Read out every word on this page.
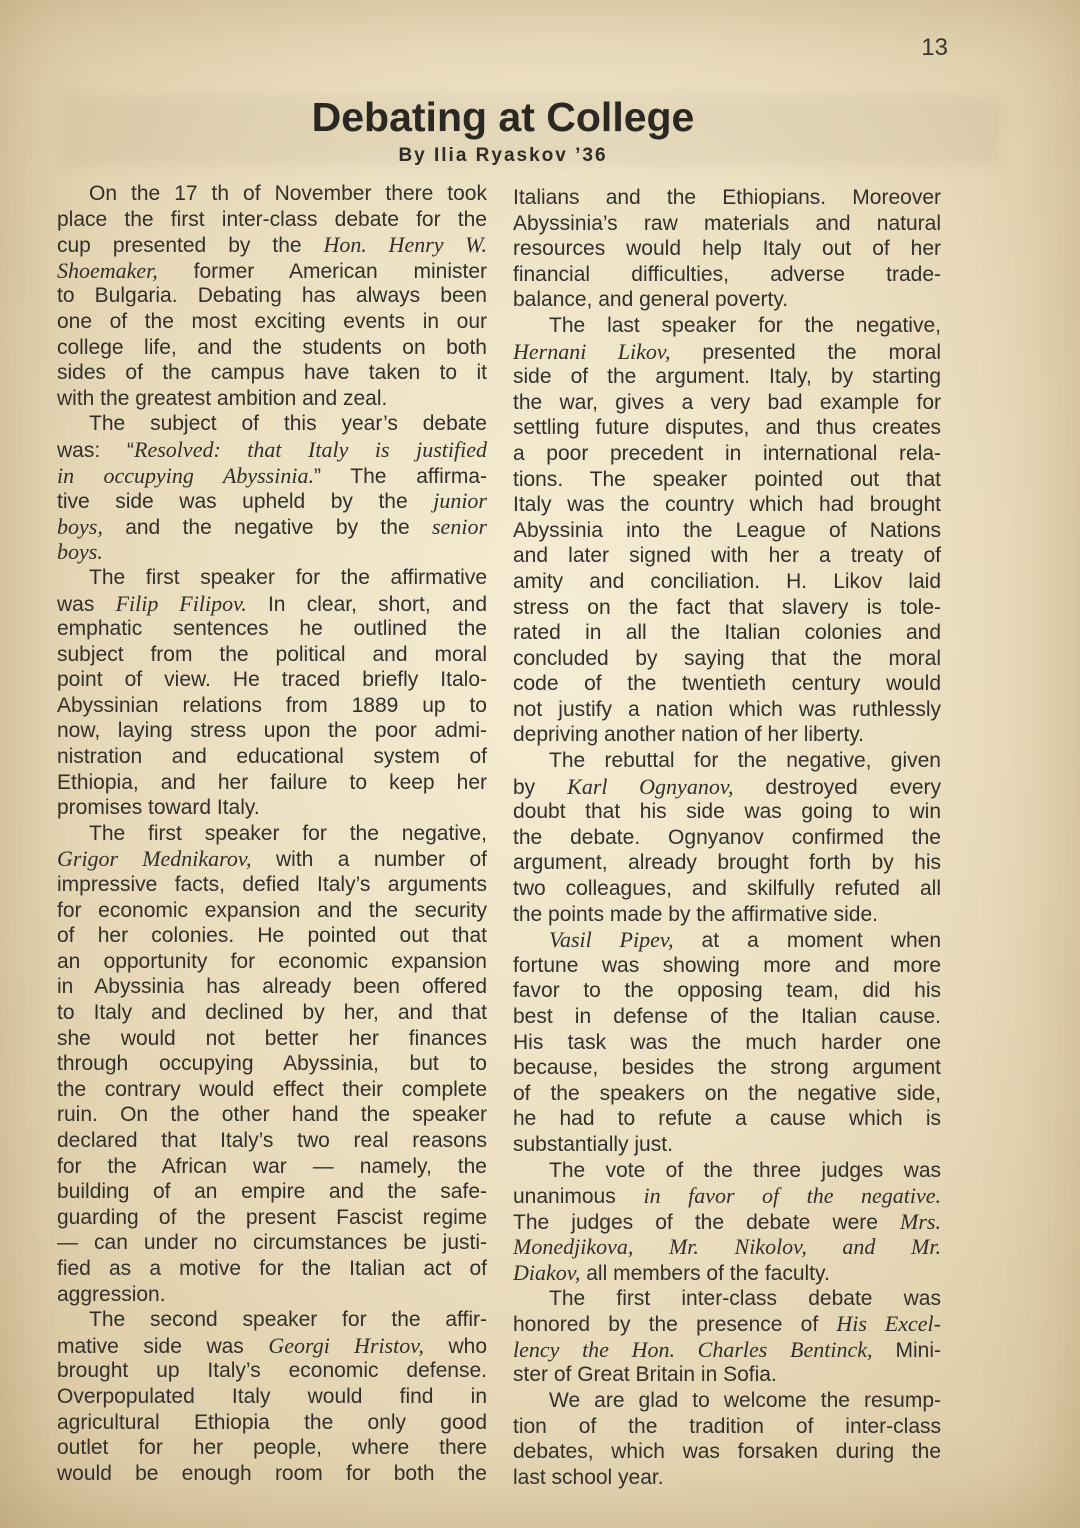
13
Debating at College
By Ilia Ryaskov ’36
On the 17 th of November there took
place the first inter-class debate for the
cup presented by the Hon. Henry W.
Shoemaker, former American minister
to Bulgaria. Debating has always been
one of the most exciting events in our
college life, and the students on both
sides of the campus have taken to it
with the greatest ambition and zeal.
The subject of this year’s debate
was: “Resolved: that Italy is justified
in occupying Abyssinia.” The affirma-
tive side was upheld by the junior
boys, and the negative by the senior
boys.
The first speaker for the affirmative
was Filip Filipov. In clear, short, and
emphatic sentences he outlined the
subject from the political and moral
point of view. He traced briefly Italo-
Abyssinian relations from 1889 up to
now, laying stress upon the poor admi-
nistration and educational system of
Ethiopia, and her failure to keep her
promises toward Italy.
The first speaker for the negative,
Grigor Mednikarov, with a number of
impressive facts, defied Italy’s arguments
for economic expansion and the security
of her colonies. He pointed out that
an opportunity for economic expansion
in Abyssinia has already been offered
to Italy and declined by her, and that
she would not better her finances
through occupying Abyssinia, but to
the contrary would effect their complete
ruin. On the other hand the speaker
declared that Italy’s two real reasons
for the African war — namely, the
building of an empire and the safe-
guarding of the present Fascist regime
— can under no circumstances be justi-
fied as a motive for the Italian act of
aggression.
The second speaker for the affir-
mative side was Georgi Hristov, who
brought up Italy’s economic defense.
Overpopulated Italy would find in
agricultural Ethiopia the only good
outlet for her people, where there
would be enough room for both the
Italians and the Ethiopians. Moreover
Abyssinia’s raw materials and natural
resources would help Italy out of her
financial difficulties, adverse trade-
balance, and general poverty.
The last speaker for the negative,
Hernani Likov, presented the moral
side of the argument. Italy, by starting
the war, gives a very bad example for
settling future disputes, and thus creates
a poor precedent in international rela-
tions. The speaker pointed out that
Italy was the country which had brought
Abyssinia into the League of Nations
and later signed with her a treaty of
amity and conciliation. H. Likov laid
stress on the fact that slavery is tole-
rated in all the Italian colonies and
concluded by saying that the moral
code of the twentieth century would
not justify a nation which was ruthlessly
depriving another nation of her liberty.
The rebuttal for the negative, given
by Karl Ognyanov, destroyed every
doubt that his side was going to win
the debate. Ognyanov confirmed the
argument, already brought forth by his
two colleagues, and skilfully refuted all
the points made by the affirmative side.
Vasil Pipev, at a moment when
fortune was showing more and more
favor to the opposing team, did his
best in defense of the Italian cause.
His task was the much harder one
because, besides the strong argument
of the speakers on the negative side,
he had to refute a cause which is
substantially just.
The vote of the three judges was
unanimous in favor of the negative.
The judges of the debate were Mrs.
Monedjikova, Mr. Nikolov, and Mr.
Diakov, all members of the faculty.
The first inter-class debate was
honored by the presence of His Excel-
lency the Hon. Charles Bentinck, Mini-
ster of Great Britain in Sofia.
We are glad to welcome the resump-
tion of the tradition of inter-class
debates, which was forsaken during the
last school year.
